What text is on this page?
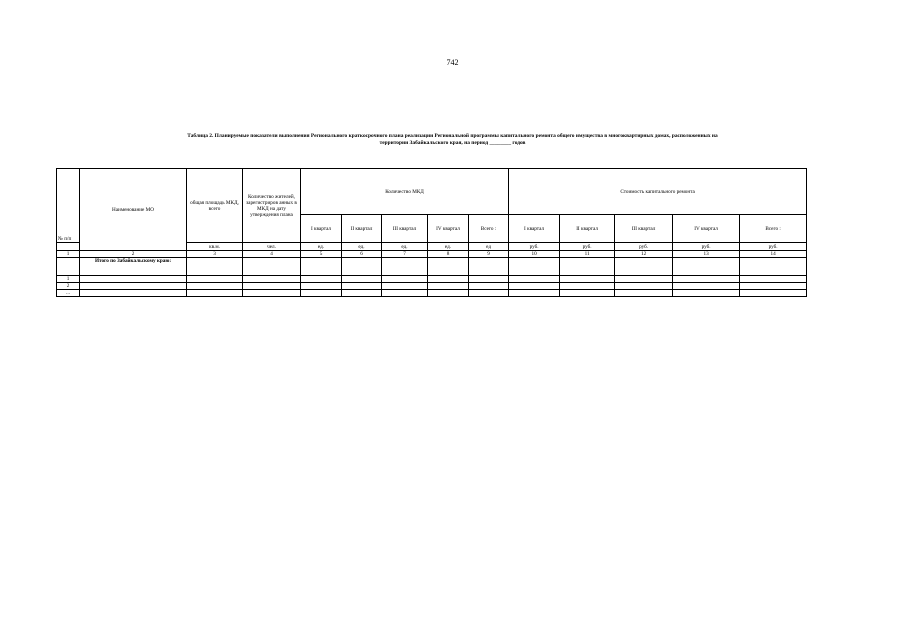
742
Таблица 2. Планируемые показатели выполнения Регионального краткосрочного плана реализации Региональной программы капитального ремонта общего имущества в многоквартирных домах, расположенных на
территории Забайкальского края, на период ________ годов
№ п/п	Наименование МО	общая площадь МКД, всего	Количество жителей, зарегистриров анных в МКД на дату утверждения плана	Количество МКД					Стоимость капитального ремонта				
				I квартал	II квартал	III квартал	IV квартал	Всего :	I квартал	II квартал	III квартал	IV квартал	Всего :
		кв.м.	чел.	ед.	ед.	ед.	ед.	ед	руб.	руб.	руб.	руб.	руб.
1	2	3	4	5	6	7	8	9	10	11	12	13	14
	Итого по Забайкальскому краю:												
1													
2													
...													
